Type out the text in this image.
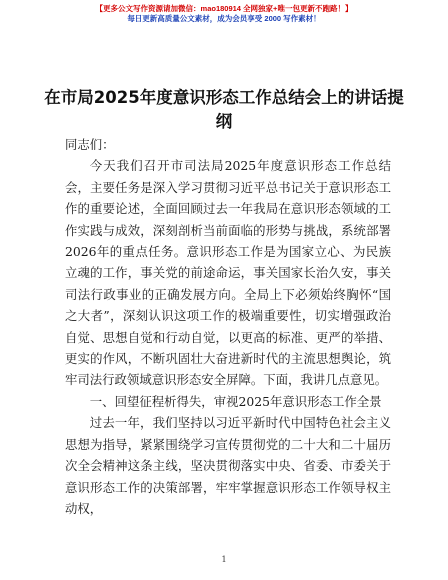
【更多公文写作资源请加微信：mao180914 全网独家+唯一包更新不跑路！】
每日更新高质量公文素材，成为会员享受 2000 写作素材！
在市局2025年度意识形态工作总结会上的讲话提纲

同志们：

今天我们召开市司法局2025年度意识形态工作总结会，主要任务是深入学习贯彻习近平总书记关于意识形态工作的重要论述，全面回顾过去一年我局在意识形态领域的工作实践与成效，深刻剖析当前面临的形势与挑战，系统部署2026年的重点任务。意识形态工作是为国家立心、为民族立魂的工作，事关党的前途命运，事关国家长治久安，事关司法行政事业的正确发展方向。全局上下必须始终胸怀“国之大者”，深刻认识这项工作的极端重要性，切实增强政治自觉、思想自觉和行动自觉，以更高的标准、更严的举措、更实的作风，不断巩固壮大奋进新时代的主流思想舆论，筑牢司法行政领域意识形态安全屏障。下面，我讲几点意见。

一、回望征程析得失，审视2025年意识形态工作全景

过去一年，我们坚持以习近平新时代中国特色社会主义思想为指导，紧紧围绕学习宣传贯彻党的二十大和二十届历次全会精神这条主线，坚决贯彻落实中央、省委、市委关于意识形态工作的决策部署，牢牢掌握意识形态工作领导权主动权，

1
